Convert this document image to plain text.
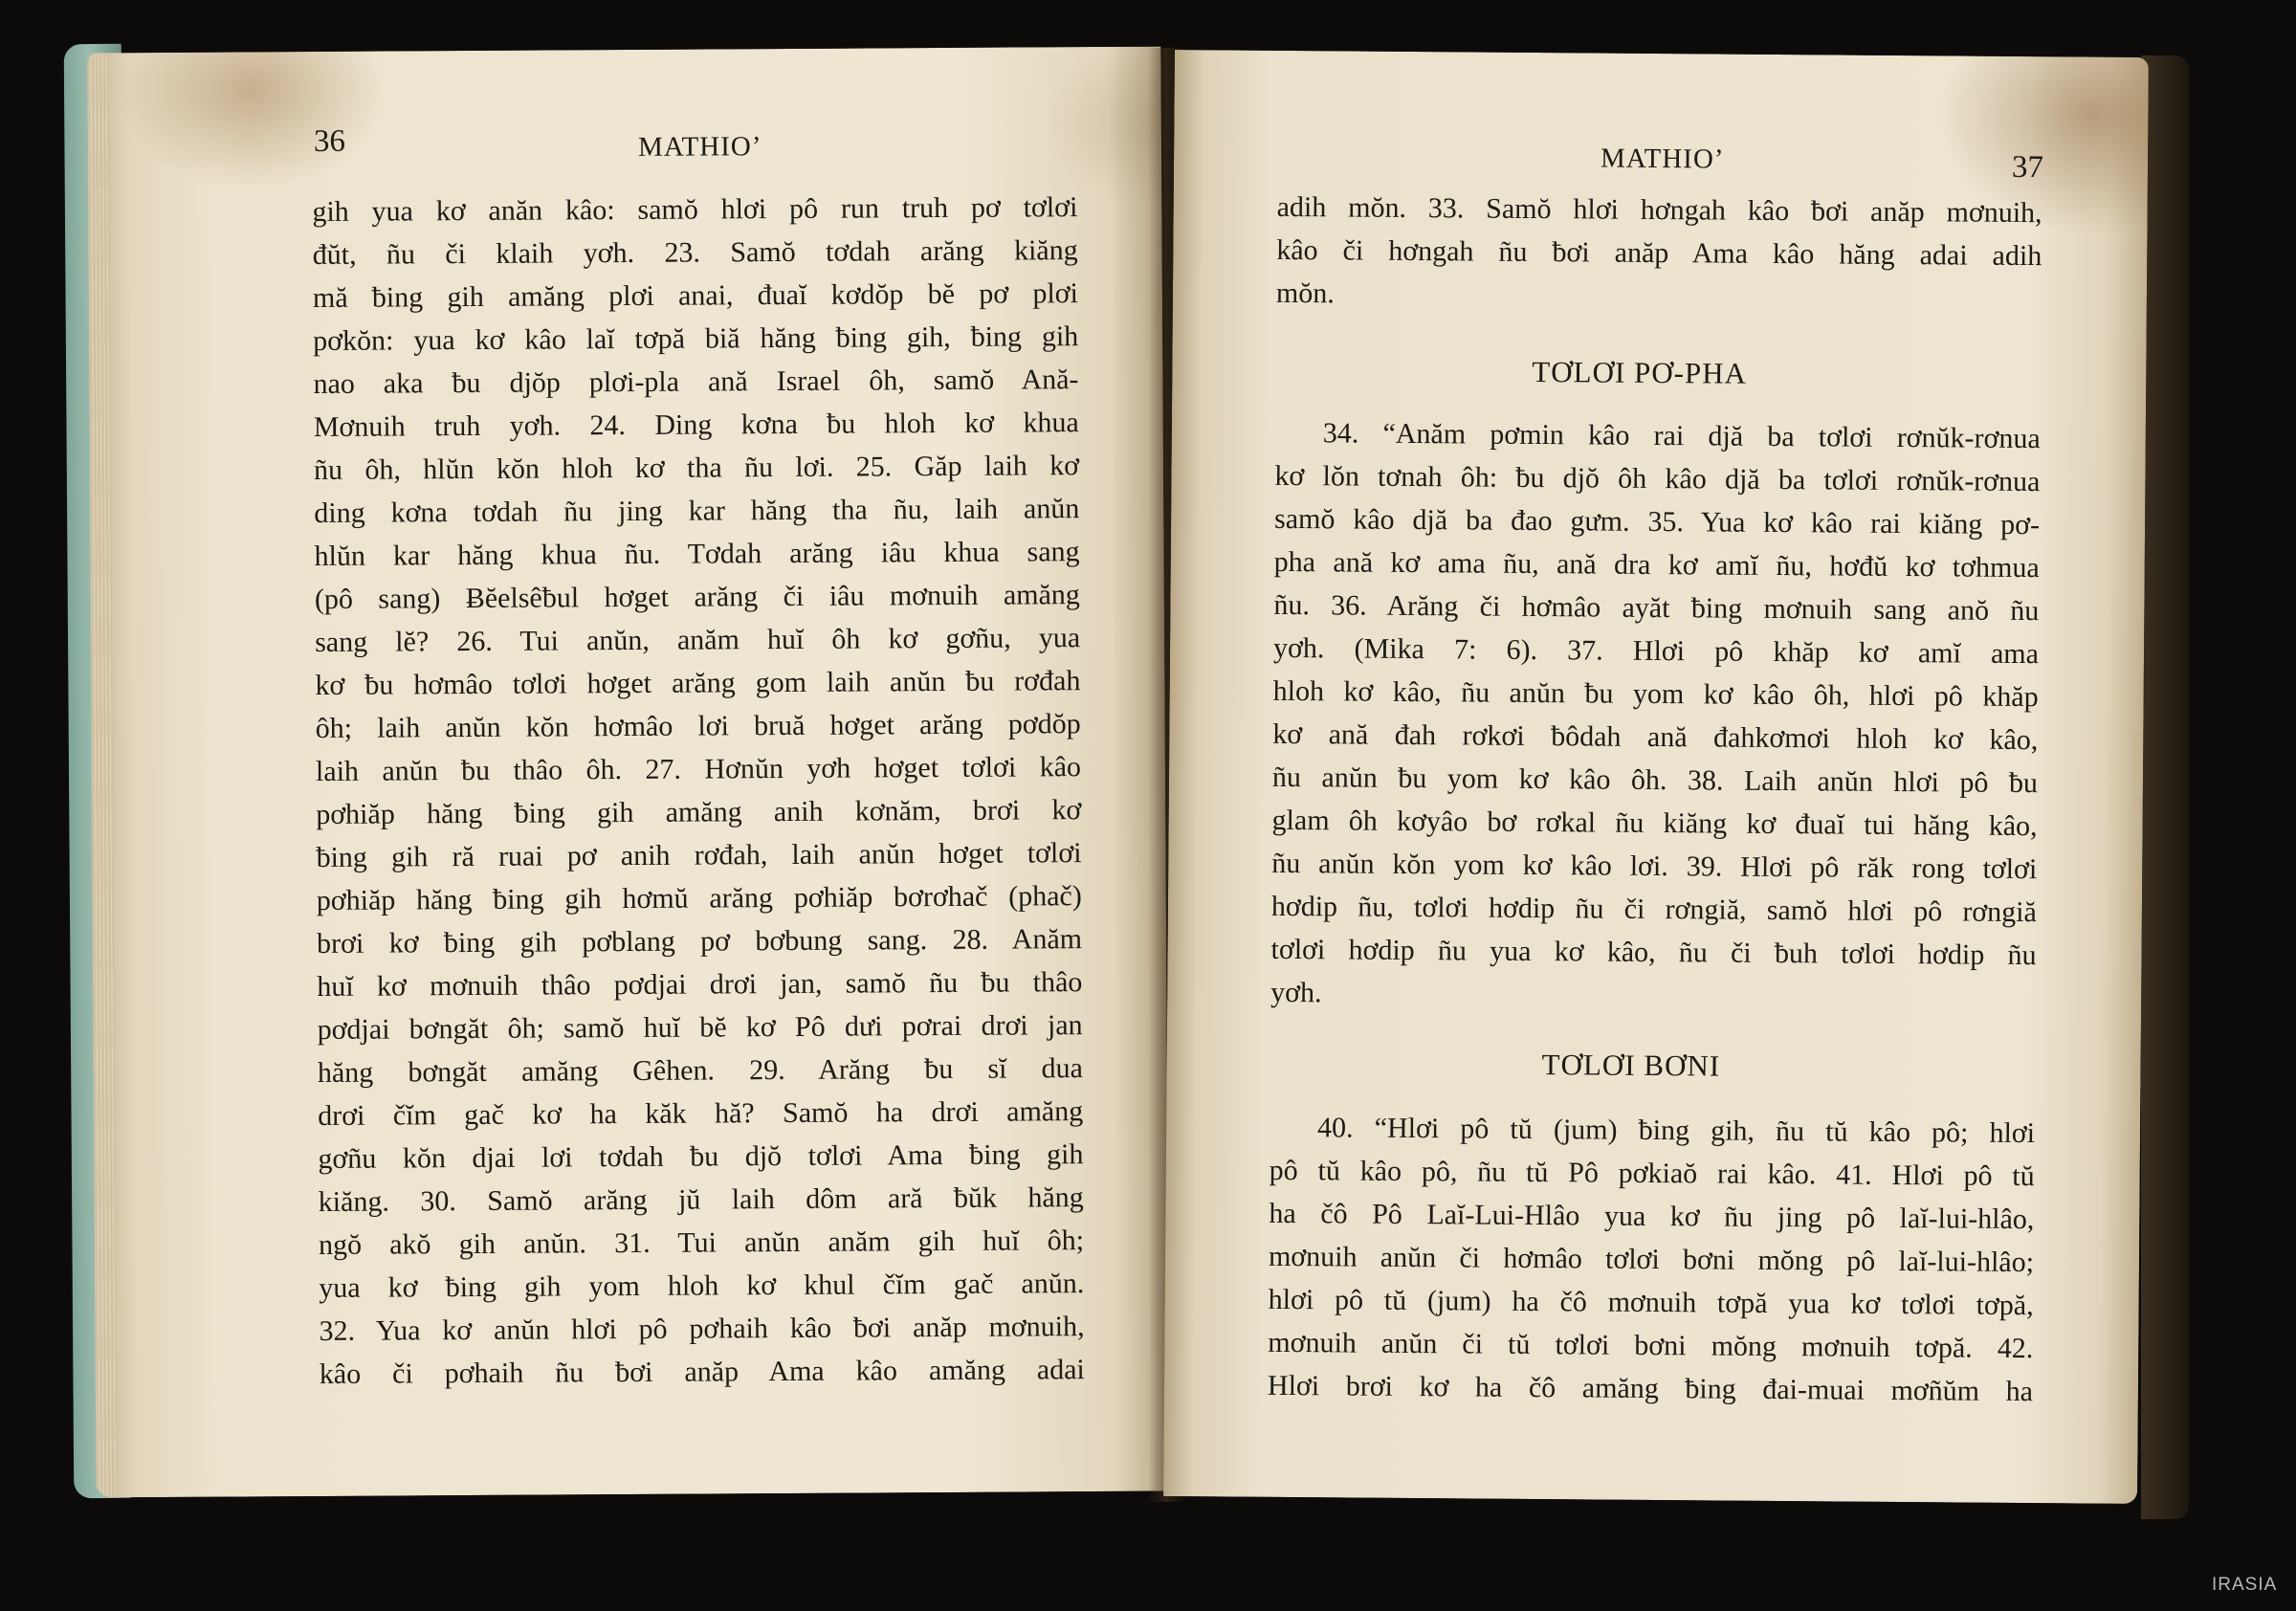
36	MATHIO’
gih yua kơ anăn kâo: samŏ hlơi pô run truh pơ tơlơi
đŭt, ñu či klaih yơh. 23. Samŏ tơdah arăng kiăng
mă ƀing gih amăng plơi anai, đuaĭ kơdŏp bĕ pơ plơi
pơkŏn: yua kơ kâo laĭ tơpă biă hăng ƀing gih, ƀing gih
nao aka ƀu djŏp plơi-pla ană Israel ôh, samŏ Ană-
Mơnuih truh yơh. 24. Ding kơna ƀu hloh kơ khua
ñu ôh, hlŭn kŏn hloh kơ tha ñu lơi. 25. Găp laih kơ
ding kơna tơdah ñu jing kar hăng tha ñu, laih anŭn
hlŭn kar hăng khua ñu. Tơdah arăng iâu khua sang
(pô sang) Ƀĕelsêƀul hơget arăng či iâu mơnuih amăng
sang lĕ? 26. Tui anŭn, anăm huĭ ôh kơ gơñu, yua
kơ ƀu hơmâo tơlơi hơget arăng gom laih anŭn ƀu rơđah
ôh; laih anŭn kŏn hơmâo lơi bruă hơget arăng pơdŏp
laih anŭn ƀu thâo ôh. 27. Hơnŭn yơh hơget tơlơi kâo
pơhiăp hăng ƀing gih amăng anih kơnăm, brơi kơ
ƀing gih ră ruai pơ anih rơđah, laih anŭn hơget tơlơi
pơhiăp hăng ƀing gih hơmŭ arăng pơhiăp bơrơhač (phač)
brơi kơ ƀing gih pơblang pơ bơbung sang. 28. Anăm
huĭ kơ mơnuih thâo pơdjai drơi jan, samŏ ñu ƀu thâo
pơdjai bơngăt ôh; samŏ huĭ bĕ kơ Pô dưi pơrai drơi jan
hăng bơngăt amăng Gêhen. 29. Arăng ƀu sĭ dua
drơi čĭm gač kơ ha kăk hă? Samŏ ha drơi amăng
gơñu kŏn djai lơi tơdah ƀu djŏ tơlơi Ama ƀing gih
kiăng. 30. Samŏ arăng jŭ laih dôm ară ƀŭk hăng
ngŏ akŏ gih anŭn. 31. Tui anŭn anăm gih huĭ ôh;
yua kơ ƀing gih yom hloh kơ khul čĭm gač anŭn.
32. Yua kơ anŭn hlơi pô pơhaih kâo ƀơi anăp mơnuih,
kâo či pơhaih ñu ƀơi anăp Ama kâo amăng adai
MATHIO’	37
adih mŏn. 33. Samŏ hlơi hơngah kâo ƀơi anăp mơnuih,
kâo či hơngah ñu ƀơi anăp Ama kâo hăng adai adih
mŏn.
TƠLƠI PƠ-PHA
34. “Anăm pơmin kâo rai djă ba tơlơi rơnŭk-rơnua
kơ lŏn tơnah ôh: ƀu djŏ ôh kâo djă ba tơlơi rơnŭk-rơnua
samŏ kâo djă ba đao gưm. 35. Yua kơ kâo rai kiăng pơ-
pha ană kơ ama ñu, ană dra kơ amĭ ñu, hơđŭ kơ tơhmua
ñu. 36. Arăng či hơmâo ayăt ƀing mơnuih sang anŏ ñu
yơh. (Mika 7: 6). 37. Hlơi pô khăp kơ amĭ ama
hloh kơ kâo, ñu anŭn ƀu yom kơ kâo ôh, hlơi pô khăp
kơ ană đah rơkơi ƀôdah ană đahkơmơi hloh kơ kâo,
ñu anŭn ƀu yom kơ kâo ôh. 38. Laih anŭn hlơi pô ƀu
glam ôh kơyâo bơ rơkal ñu kiăng kơ đuaĭ tui hăng kâo,
ñu anŭn kŏn yom kơ kâo lơi. 39. Hlơi pô răk rong tơlơi
hơdip ñu, tơlơi hơdip ñu či rơngiă, samŏ hlơi pô rơngiă
tơlơi hơdip ñu yua kơ kâo, ñu či ƀuh tơlơi hơdip ñu
yơh.
TƠLƠI BƠNI
40. “Hlơi pô tŭ (jum) ƀing gih, ñu tŭ kâo pô; hlơi
pô tŭ kâo pô, ñu tŭ Pô pơkiaŏ rai kâo. 41. Hlơi pô tŭ
ha čô Pô Laĭ-Lui-Hlâo yua kơ ñu jing pô laĭ-lui-hlâo,
mơnuih anŭn či hơmâo tơlơi bơni mŏng pô laĭ-lui-hlâo;
hlơi pô tŭ (jum) ha čô mơnuih tơpă yua kơ tơlơi tơpă,
mơnuih anŭn či tŭ tơlơi bơni mŏng mơnuih tơpă. 42.
Hlơi brơi kơ ha čô amăng ƀing đai-muai mơñŭm ha
IRASIA
